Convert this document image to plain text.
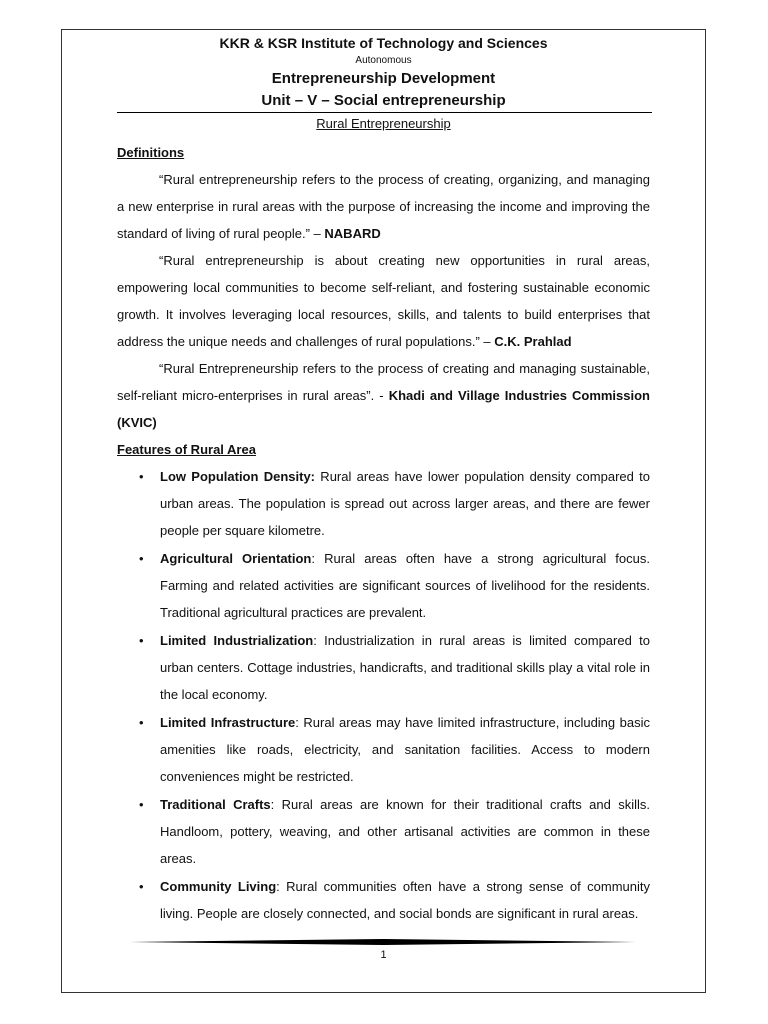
KKR & KSR Institute of Technology and Sciences
Autonomous
Entrepreneurship Development
Unit – V – Social entrepreneurship
Rural Entrepreneurship
Definitions
“Rural entrepreneurship refers to the process of creating, organizing, and managing a new enterprise in rural areas with the purpose of increasing the income and improving the standard of living of rural people.” – NABARD
“Rural entrepreneurship is about creating new opportunities in rural areas, empowering local communities to become self-reliant, and fostering sustainable economic growth. It involves leveraging local resources, skills, and talents to build enterprises that address the unique needs and challenges of rural populations.” – C.K. Prahlad
“Rural Entrepreneurship refers to the process of creating and managing sustainable, self-reliant micro-enterprises in rural areas”. - Khadi and Village Industries Commission (KVIC)
Features of Rural Area
• Low Population Density: Rural areas have lower population density compared to urban areas. The population is spread out across larger areas, and there are fewer people per square kilometre.
• Agricultural Orientation: Rural areas often have a strong agricultural focus. Farming and related activities are significant sources of livelihood for the residents. Traditional agricultural practices are prevalent.
• Limited Industrialization: Industrialization in rural areas is limited compared to urban centers. Cottage industries, handicrafts, and traditional skills play a vital role in the local economy.
• Limited Infrastructure: Rural areas may have limited infrastructure, including basic amenities like roads, electricity, and sanitation facilities. Access to modern conveniences might be restricted.
• Traditional Crafts: Rural areas are known for their traditional crafts and skills. Handloom, pottery, weaving, and other artisanal activities are common in these areas.
• Community Living: Rural communities often have a strong sense of community living. People are closely connected, and social bonds are significant in rural areas.
1
